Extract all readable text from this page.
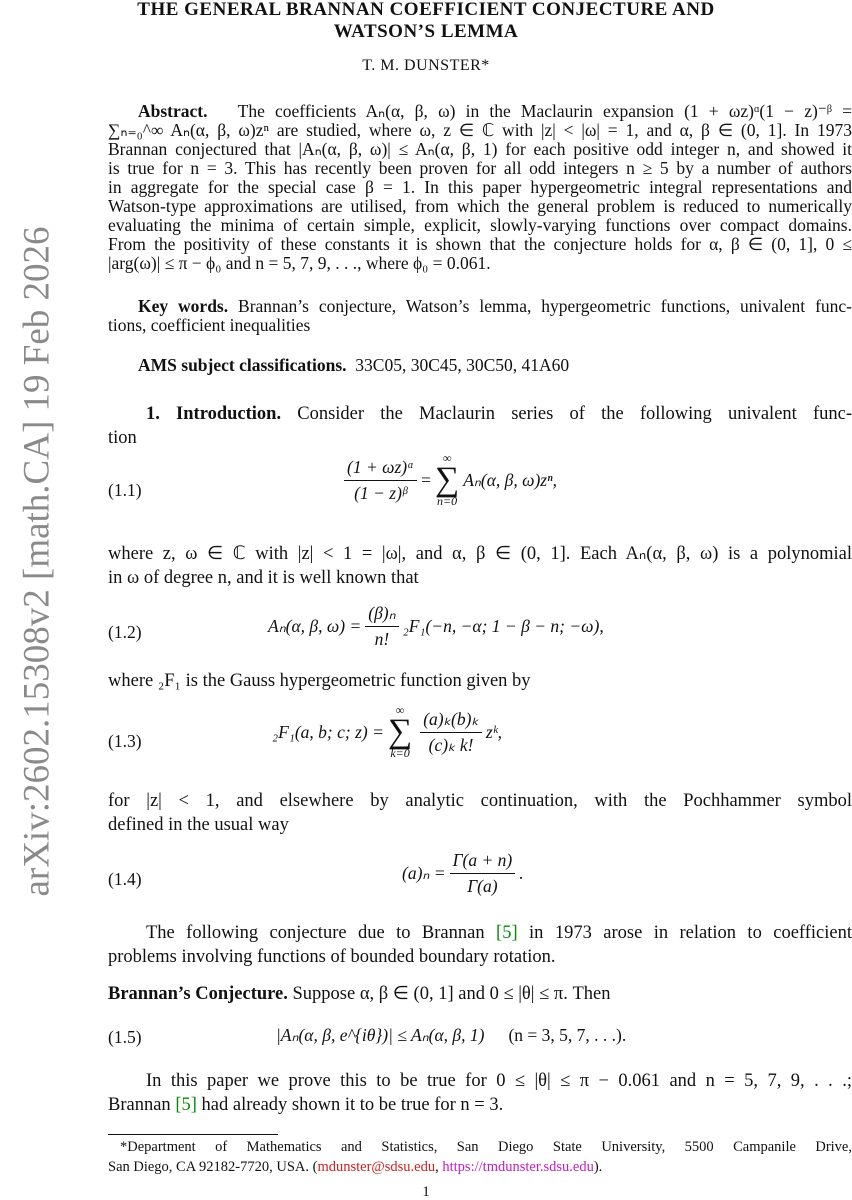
arXiv:2602.15308v2 [math.CA] 19 Feb 2026
THE GENERAL BRANNAN COEFFICIENT CONJECTURE AND
WATSON’S LEMMA
T. M. DUNSTER*
Abstract. The coefficients Aₙ(α, β, ω) in the Maclaurin expansion (1 + ωz)ᵅ(1 − z)⁻ᵝ =
∑ₙ₌₀^∞ Aₙ(α, β, ω)zⁿ are studied, where ω, z ∈ ℂ with |z| < |ω| = 1, and α, β ∈ (0, 1]. In 1973
Brannan conjectured that |Aₙ(α, β, ω)| ≤ Aₙ(α, β, 1) for each positive odd integer n, and showed it
is true for n = 3. This has recently been proven for all odd integers n ≥ 5 by a number of authors
in aggregate for the special case β = 1. In this paper hypergeometric integral representations and
Watson-type approximations are utilised, from which the general problem is reduced to numerically
evaluating the minima of certain simple, explicit, slowly-varying functions over compact domains.
From the positivity of these constants it is shown that the conjecture holds for α, β ∈ (0, 1], 0 ≤
|arg(ω)| ≤ π − ϕ₀ and n = 5, 7, 9, . . ., where ϕ₀ = 0.061.
Key words. Brannan’s conjecture, Watson’s lemma, hypergeometric functions, univalent func-
tions, coefficient inequalities
AMS subject classifications. 33C05, 30C45, 30C50, 41A60
1. Introduction. Consider the Maclaurin series of the following univalent func-
tion
(1.1)	$\frac{\text{(1 + ωz)ᵅ}}{\text{(1 − z)ᵝ}}$ =
∞
∑
n=0
Aₙ(α, β, ω)zⁿ,
where z, ω ∈ ℂ with |z| < 1 = |ω|, and α, β ∈ (0, 1]. Each Aₙ(α, β, ω) is a polynomial
in ω of degree n, and it is well known that
(1.2)	Aₙ(α, β, $\omega) = \frac{\text{(β)ₙ}}{n!} _2F_1(-n$, −α; 1 − β − n; −ω),
where ₂F₁ is the Gauss hypergeometric function given by
(1.3)	₂F₁(a, b; c; z) =
∞
∑
$k=0 \frac{\text{(a)ₖ(b)ₖ}}{\text{(c)ₖ k!}}$ zᵏ,
for |z| < 1, and elsewhere by analytic continuation, with the Pochhammer symbol
defined in the usual way
(1.4)	$(a)_n = \frac{\Gamma(a + n)}{\Gamma(a)}$ .
The following conjecture due to Brannan [5] in 1973 arose in relation to coefficient
problems involving functions of bounded boundary rotation.
Brannan’s Conjecture. Suppose α, β ∈ (0, 1] and 0 ≤ |θ| ≤ π. Then
(1.5)	|Aₙ(α, β, e^{iθ})| ≤ Aₙ(α, β, 1) (n = 3, 5, 7, . . .).
In this paper we prove this to be true for 0 ≤ |θ| ≤ π − 0.061 and n = 5, 7, 9, . . .;
Brannan [5] had already shown it to be true for n = 3.
*Department of Mathematics and Statistics, San Diego State University, 5500 Campanile Drive,
San Diego, CA 92182-7720, USA. (mdunster@sdsu.edu, https://tmdunster.sdsu.edu).
1
